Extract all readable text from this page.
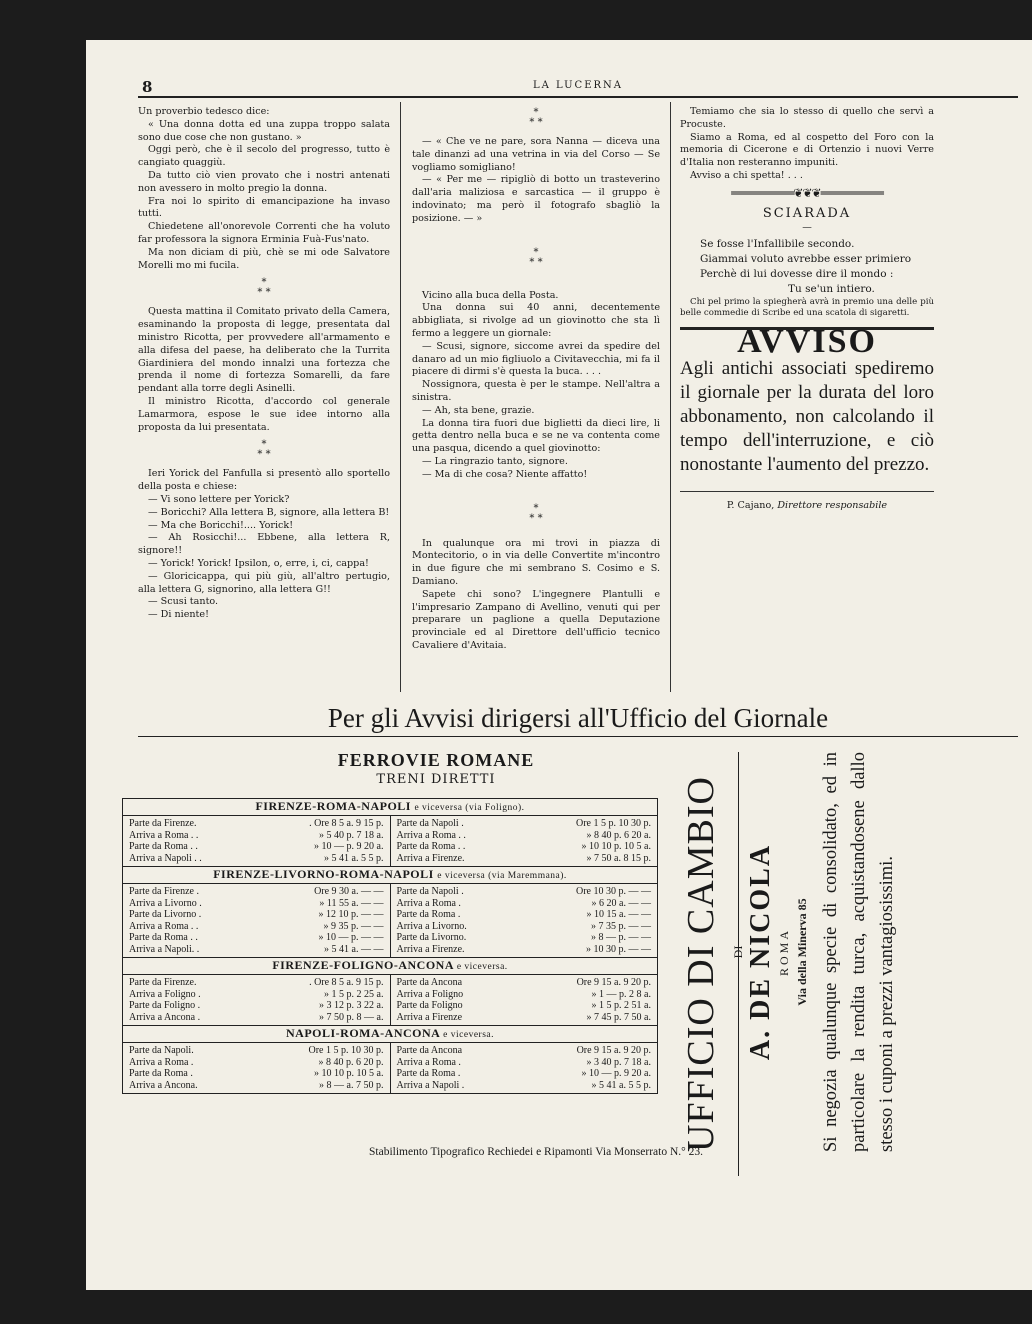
8	LA LUCERNA

Un proverbio tedesco dice:

« Una donna dotta ed una zuppa troppo salata sono due cose che non gustano. »

Oggi però, che è il secolo del progresso, tutto è cangiato quaggiù.

Da tutto ciò vien provato che i nostri antenati non avessero in molto pregio la donna.

Fra noi lo spirito di emancipazione ha invaso tutti.

Chiedetene all'onorevole Correnti che ha voluto far professora la signora Erminia Fuà-Fus'nato.

Ma non diciam di più, chè se mi ode Salvatore Morelli mo mi fucila.

*
* *

Questa mattina il Comitato privato della Camera, esaminando la proposta di legge, presentata dal ministro Ricotta, per provvedere all'armamento e alla difesa del paese, ha deliberato che la Turrita Giardiniera del mondo innalzi una fortezza che prenda il nome di fortezza Somarelli, da fare pendant alla torre degli Asinelli.

Il ministro Ricotta, d'accordo col generale Lamarmora, espose le sue idee intorno alla proposta da lui presentata.

*
* *

Ieri Yorick del Fanfulla si presentò allo sportello della posta e chiese:

— Vi sono lettere per Yorick?

— Boricchi? Alla lettera B, signore, alla lettera B!

— Ma che Boricchi!.... Yorick!

— Ah Rosicchi!... Ebbene, alla lettera R, signore!!

— Yorick! Yorick! Ipsilon, o, erre, i, ci, cappa!

— Gloricicappa, qui più giù, all'altro pertugio, alla lettera G, signorino, alla lettera G!!

— Scusi tanto.

— Di niente!

*
* *

— « Che ve ne pare, sora Nanna — diceva una tale dinanzi ad una vetrina in via del Corso — Se vogliamo somigliano!

— « Per me — ripigliò di botto un trasteverino dall'aria maliziosa e sarcastica — il gruppo è indovinato; ma però il fotografo sbagliò la posizione. — »

*
* *

Vicino alla buca della Posta.

Una donna sui 40 anni, decentemente abbigliata, si rivolge ad un giovinotto che sta lì fermo a leggere un giornale:

— Scusi, signore, siccome avrei da spedire del danaro ad un mio figliuolo a Civitavecchia, mi fa il piacere di dirmi s'è questa la buca. . . .

Nossignora, questa è per le stampe. Nell'altra a sinistra.

— Ah, sta bene, grazie.

La donna tira fuori due biglietti da dieci lire, li getta dentro nella buca e se ne va contenta come una pasqua, dicendo a quel giovinotto:

— La ringrazio tanto, signore.

— Ma di che cosa? Niente affatto!

*
* *

In qualunque ora mi trovi in piazza di Montecitorio, o in via delle Convertite m'incontro in due figure che mi sembrano S. Cosimo e S. Damiano.

Sapete chi sono? L'ingegnere Plantulli e l'impresario Zampano di Avellino, venuti qui per preparare un paglione a quella Deputazione provinciale ed al Direttore dell'ufficio tecnico Cavaliere d'Avitaia.

Temiamo che sia lo stesso di quello che servì a Procuste.

Siamo a Roma, ed al cospetto del Foro con la memoria di Cicerone e di Ortenzio i nuovi Verre d'Italia non resteranno impuniti.

Avviso a chi spetta! . . .

══════════❦❦❦══════════
SCIARADA
—
Se fosse l'Infallibile secondo.
Giammai voluto avrebbe esser primiero
Perchè di lui dovesse dire il mondo :
Tu se'un intiero.

Chi pel primo la spiegherà avrà in premio una delle più belle commedie di Scribe ed una scatola di sigaretti.

AVVISO

Agli antichi associati spediremo il giornale per la durata del loro abbonamento, non calcolando il tempo dell'interruzione, e ciò nonostante l'aumento del prezzo.

P. Cajano, Direttore responsabile
Per gli Avvisi dirigersi all'Ufficio del Giornale
FERROVIE ROMANE
TRENI DIRETTI
FIRENZE-ROMA-NAPOLI e viceversa (via Foligno).
Parte da Firenze.	. Ore 8 5 a. 9 15 p.
Arriva a Roma . .	» 5 40 p. 7 18 a.
Parte da Roma . .	» 10 — p. 9 20 a.
Arriva a Napoli . .	» 5 41 a. 5 5 p.
Parte da Napoli .	Ore 1 5 p. 10 30 p.
Arriva a Roma . .	» 8 40 p. 6 20 a.
Parte da Roma . .	» 10 10 p. 10 5 a.
Arriva a Firenze.	» 7 50 a. 8 15 p.
FIRENZE-LIVORNO-ROMA-NAPOLI e viceversa (via Maremmana).
Parte da Firenze .	Ore 9 30 a. — —
Arriva a Livorno .	» 11 55 a. — —
Parte da Livorno .	» 12 10 p. — —
Arriva a Roma . .	» 9 35 p. — —
Parte da Roma . .	» 10 — p. — —
Arriva a Napoli. .	» 5 41 a. — —
Parte da Napoli .	Ore 10 30 p. — —
Arriva a Roma .	» 6 20 a. — —
Parte da Roma .	» 10 15 a. — —
Arriva a Livorno.	» 7 35 p. — —
Parte da Livorno.	» 8 — p. — —
Arriva a Firenze.	» 10 30 p. — —
FIRENZE-FOLIGNO-ANCONA e viceversa.
Parte da Firenze.	. Ore 8 5 a. 9 15 p.
Arriva a Foligno .	» 1 5 p. 2 25 a.
Parte da Foligno .	» 3 12 p. 3 22 a.
Arriva a Ancona .	» 7 50 p. 8 — a.
Parte da Ancona	Ore 9 15 a. 9 20 p.
Arriva a Foligno	» 1 — p. 2 8 a.
Parte da Foligno	» 1 5 p. 2 51 a.
Arriva a Firenze	» 7 45 p. 7 50 a.
NAPOLI-ROMA-ANCONA e viceversa.
Parte da Napoli.	Ore 1 5 p. 10 30 p.
Arriva a Roma .	» 8 40 p. 6 20 p.
Parte da Roma .	» 10 10 p. 10 5 a.
Arriva a Ancona.	» 8 — a. 7 50 p.
Parte da Ancona	Ore 9 15 a. 9 20 p.
Arriva a Roma .	» 3 40 p. 7 18 a.
Parte da Roma .	» 10 — p. 9 20 a.
Arriva a Napoli .	» 5 41 a. 5 5 p. UFFICIO DI CAMBIO DI A. DE NICOLA ROMA Via della Minerva 85 Si negozia qualunque specie di consolidato, ed in particolare la rendita turca, acquistandosene dallo stesso i cuponi a prezzi vantagiosissimi.
Stabilimento Tipografico Rechiedei e Ripamonti Via Monserrato N.° 23.
